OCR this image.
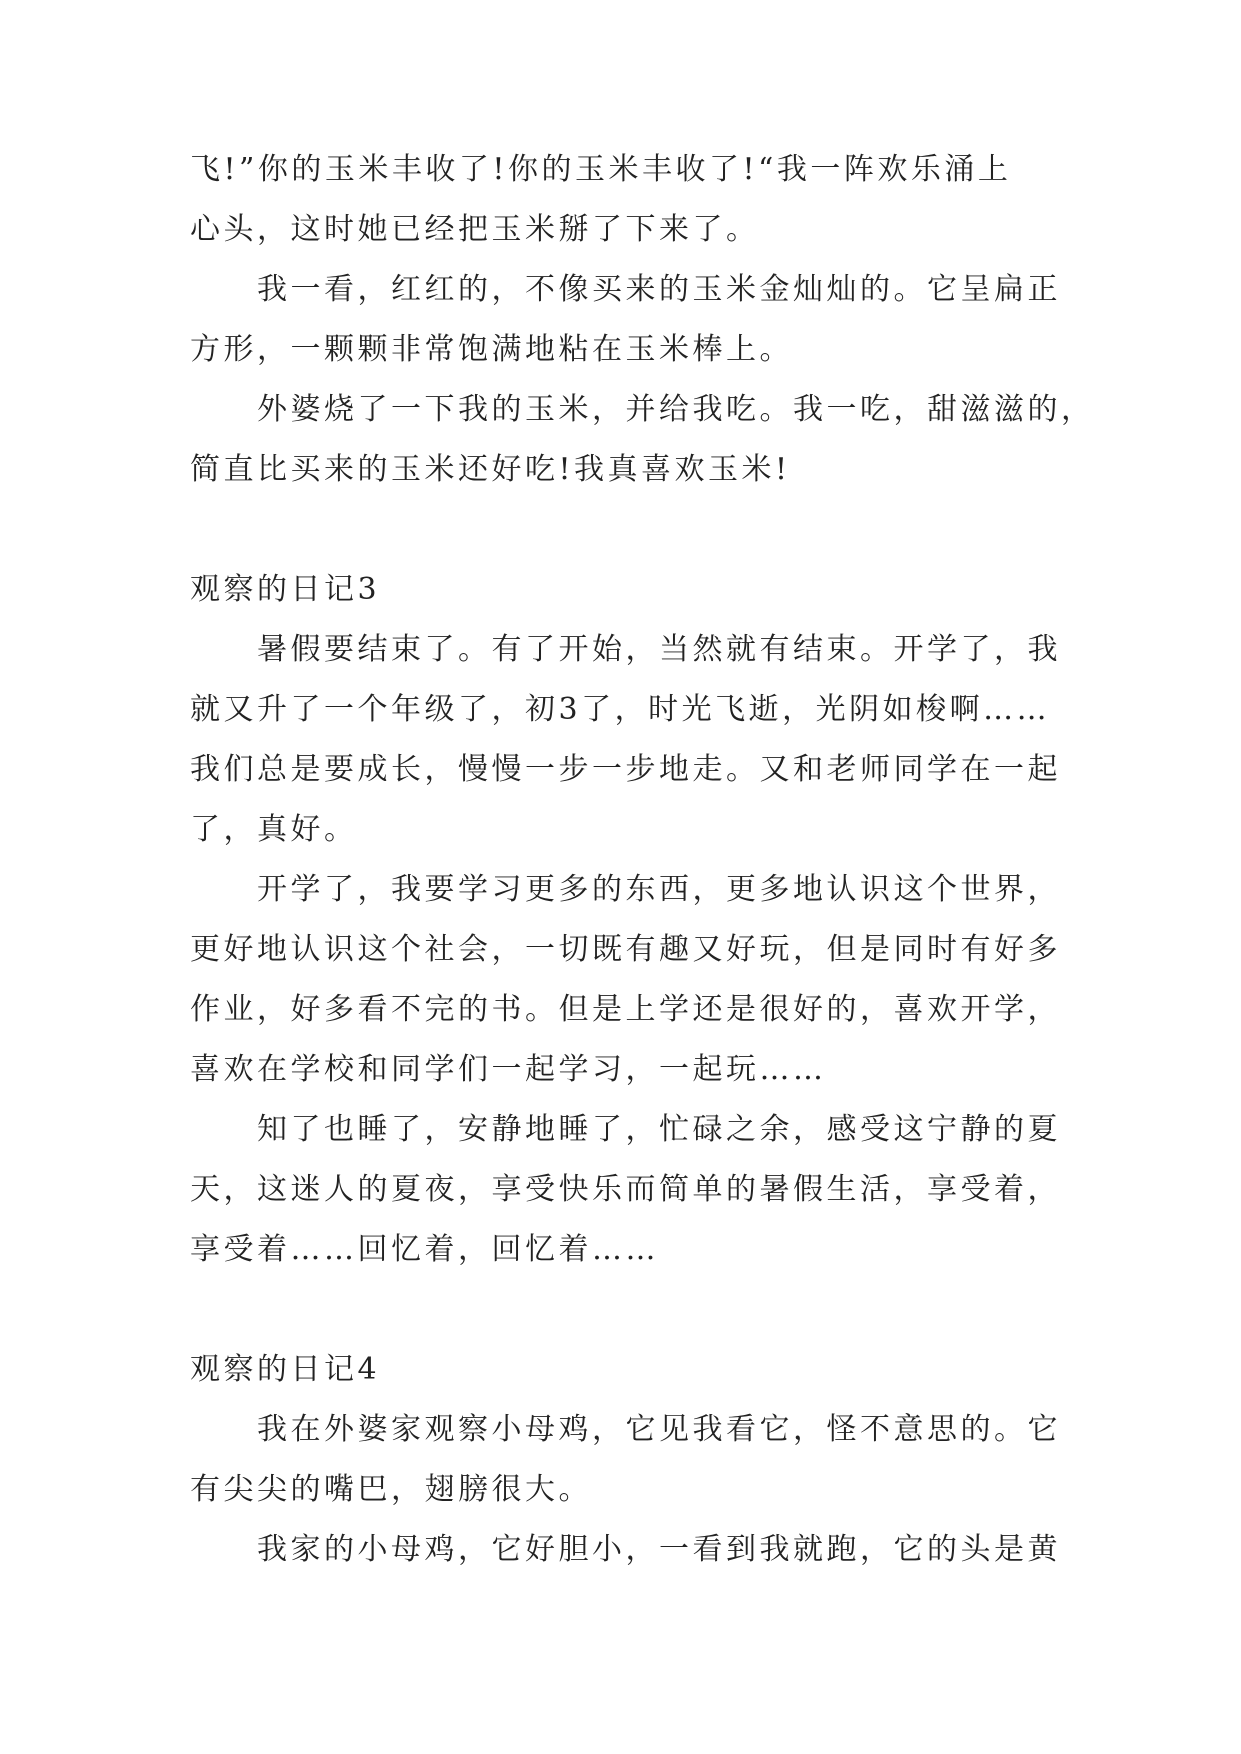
飞!”你的玉米丰收了!你的玉米丰收了!“我一阵欢乐涌上
心头，这时她已经把玉米掰了下来了。
　　我一看，红红的，不像买来的玉米金灿灿的。它呈扁正
方形，一颗颗非常饱满地粘在玉米棒上。
　　外婆烧了一下我的玉米，并给我吃。我一吃，甜滋滋的，
简直比买来的玉米还好吃!我真喜欢玉米!
观察的日记3
　　暑假要结束了。有了开始，当然就有结束。开学了，我
就又升了一个年级了，初3了，时光飞逝，光阴如梭啊……
我们总是要成长，慢慢一步一步地走。又和老师同学在一起
了，真好。
　　开学了，我要学习更多的东西，更多地认识这个世界，
更好地认识这个社会，一切既有趣又好玩，但是同时有好多
作业，好多看不完的书。但是上学还是很好的，喜欢开学，
喜欢在学校和同学们一起学习，一起玩……
　　知了也睡了，安静地睡了，忙碌之余，感受这宁静的夏
天，这迷人的夏夜，享受快乐而简单的暑假生活，享受着，
享受着……回忆着，回忆着……
观察的日记4
　　我在外婆家观察小母鸡，它见我看它，怪不意思的。它
有尖尖的嘴巴，翅膀很大。
　　我家的小母鸡，它好胆小，一看到我就跑，它的头是黄
